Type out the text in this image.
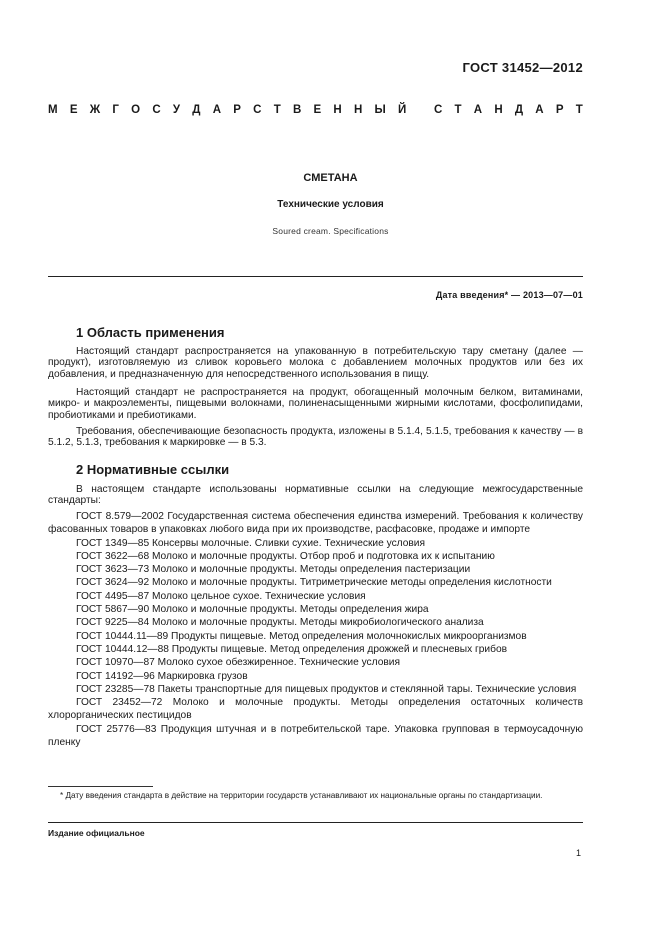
ГОСТ 31452—2012
М Е Ж Г О С У Д А Р С Т В Е Н Н Ы Й
С Т А Н Д А Р Т
СМЕТАНА
Технические условия
Soured cream. Specifications
Дата введения* — 2013—07—01
1 Область применения
Настоящий стандарт распространяется на упакованную в потребительскую тару сметану (далее — продукт), изготовляемую из сливок коровьего молока с добавлением молочных продуктов или без их добавления, и предназначенную для непосредственного использования в пищу.
Настоящий стандарт не распространяется на продукт, обогащенный молочным белком, витаминами, микро- и макроэлементы, пищевыми волокнами, полиненасыщенными жирными кислотами, фосфолипидами, пробиотиками и пребиотиками.
Требования, обеспечивающие безопасность продукта, изложены в 5.1.4, 5.1.5, требования к качеству — в 5.1.2, 5.1.3, требования к маркировке — в 5.3.
2 Нормативные ссылки
В настоящем стандарте использованы нормативные ссылки на следующие межгосударственные стандарты:

ГОСТ 8.579—2002 Государственная система обеспечения единства измерений. Требования к количеству фасованных товаров в упаковках любого вида при их производстве, расфасовке, продаже и импорте

ГОСТ 1349—85 Консервы молочные. Сливки сухие. Технические условия

ГОСТ 3622—68 Молоко и молочные продукты. Отбор проб и подготовка их к испытанию

ГОСТ 3623—73 Молоко и молочные продукты. Методы определения пастеризации

ГОСТ 3624—92 Молоко и молочные продукты. Титриметрические методы определения кислотности

ГОСТ 4495—87 Молоко цельное сухое. Технические условия

ГОСТ 5867—90 Молоко и молочные продукты. Методы определения жира

ГОСТ 9225—84 Молоко и молочные продукты. Методы микробиологического анализа

ГОСТ 10444.11—89 Продукты пищевые. Метод определения молочнокислых микроорганизмов

ГОСТ 10444.12—88 Продукты пищевые. Метод определения дрожжей и плесневых грибов

ГОСТ 10970—87 Молоко сухое обезжиренное. Технические условия

ГОСТ 14192—96 Маркировка грузов

ГОСТ 23285—78 Пакеты транспортные для пищевых продуктов и стеклянной тары. Технические условия

ГОСТ 23452—72 Молоко и молочные продукты. Методы определения остаточных количеств хлорорганических пестицидов

ГОСТ 25776—83 Продукция штучная и в потребительской таре. Упаковка групповая в термоусадочную пленку

* Дату введения стандарта в действие на территории государств устанавливают их национальные органы по стандартизации.
Издание официальное
1
